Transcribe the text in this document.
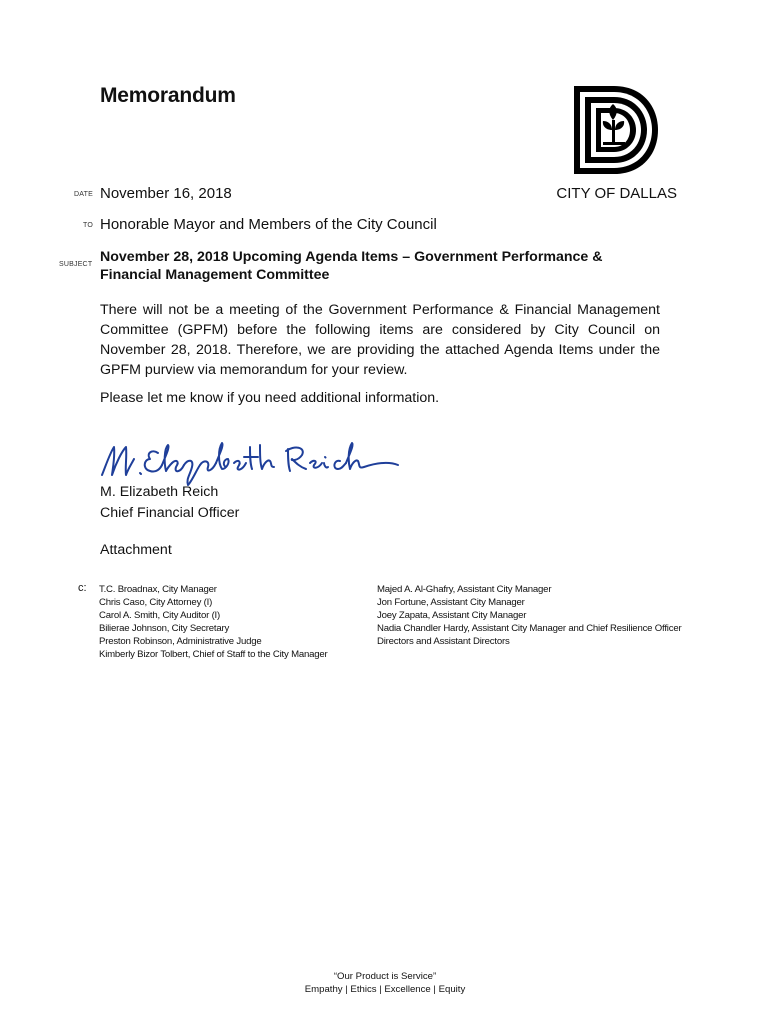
Memorandum
DATE November 16, 2018	CITY OF DALLAS
TO Honorable Mayor and Members of the City Council
SUBJECT November 28, 2018 Upcoming Agenda Items – Government Performance & Financial Management Committee
There will not be a meeting of the Government Performance & Financial Management Committee (GPFM) before the following items are considered by City Council on November 28, 2018. Therefore, we are providing the attached Agenda Items under the GPFM purview via memorandum for your review.
Please let me know if you need additional information.
M. Elizabeth Reich
Chief Financial Officer
Attachment
c: T.C. Broadnax, City Manager
Chris Caso, City Attorney (I)
Carol A. Smith, City Auditor (I)
Bilierae Johnson, City Secretary
Preston Robinson, Administrative Judge
Kimberly Bizor Tolbert, Chief of Staff to the City Manager
Majed A. Al-Ghafry, Assistant City Manager
Jon Fortune, Assistant City Manager
Joey Zapata, Assistant City Manager
Nadia Chandler Hardy, Assistant City Manager and Chief Resilience Officer
Directors and Assistant Directors
“Our Product is Service”
Empathy | Ethics | Excellence | Equity
